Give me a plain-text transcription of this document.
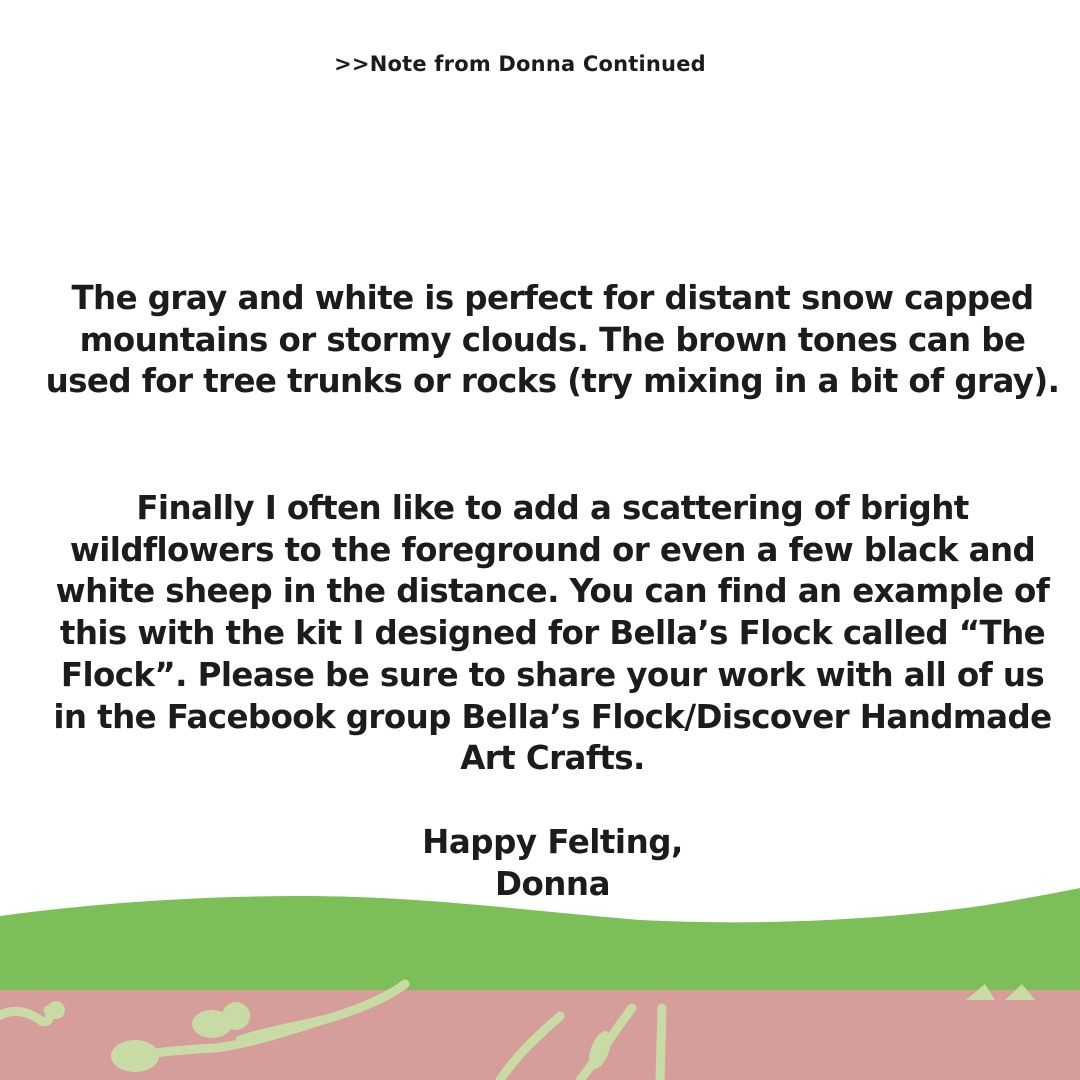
>>Note from Donna Continued

The gray and white is perfect for distant snow capped mountains or stormy clouds. The brown tones can be used for tree trunks or rocks (try mixing in a bit of gray).

Finally I often like to add a scattering of bright wildflowers to the foreground or even a few black and white sheep in the distance. You can find an example of this with the kit I designed for Bella’s Flock called “The Flock”. Please be sure to share your work with all of us in the Facebook group Bella’s Flock/Discover Handmade Art Crafts.

Happy Felting,
Donna
